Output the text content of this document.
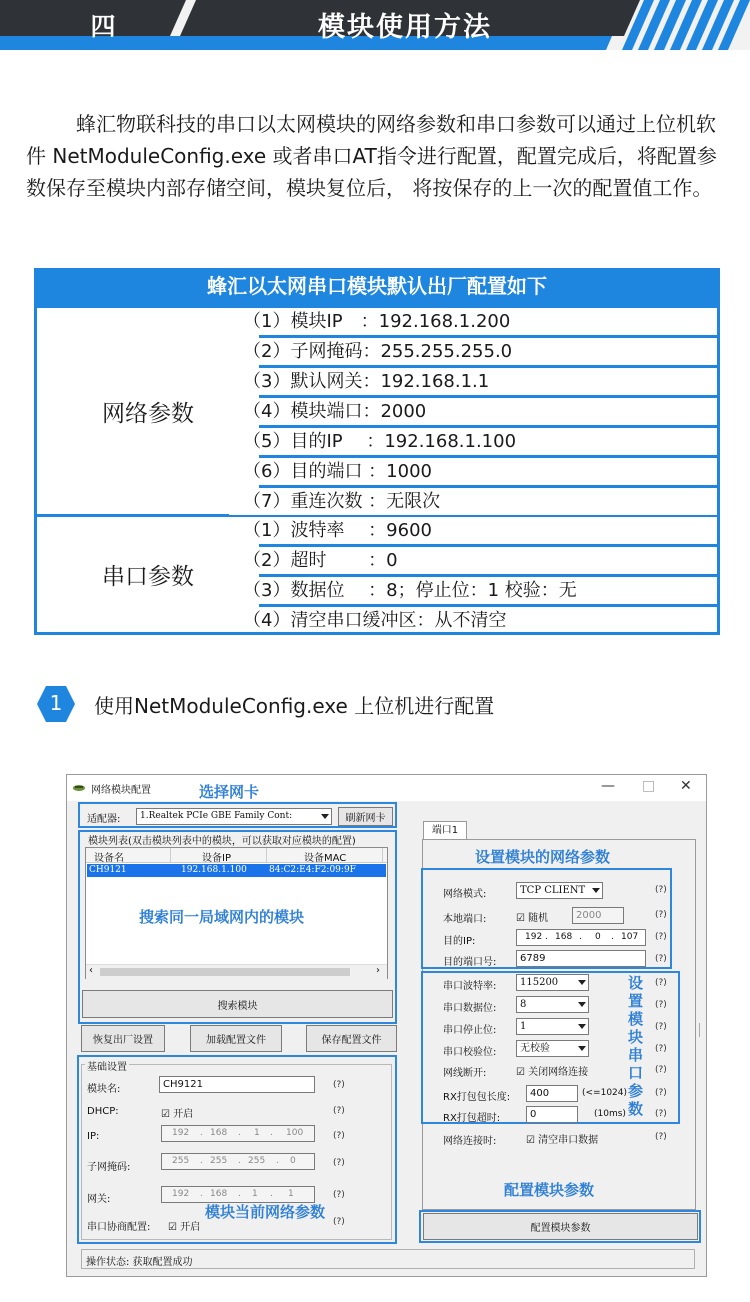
四	模块使用方法
蜂汇物联科技的串口以太网模块的网络参数和串口参数可以通过上位机软件 NetModuleConfig.exe 或者串口AT指令进行配置，配置完成后，将配置参数保存至模块内部存储空间，模块复位后， 将按保存的上一次的配置值工作。
蜂汇以太网串口模块默认出厂配置如下
网络参数
（1）模块IP　：192.168.1.200
（2）子网掩码：255.255.255.0
（3）默认网关：192.168.1.1
（4）模块端口：2000
（5）目的IP　 ：192.168.1.100
（6）目的端口 ：1000
（7）重连次数 ：无限次
串口参数
（1）波特率　 ：9600
（2）超时　　 ：0
（3）数据位　 ：8；停止位：1 校验：无
（4）清空串口缓冲区：从不清空
1	使用NetModuleConfig.exe 上位机进行配置
网络模块配置	— □ ✕
适配器:	1.Realtek PCIe GBE Family Cont:	刷新网卡
模块列表(双击模块列表中的模块，可以获取对应模块的配置)
设备名	设备IP	设备MAC
CH9121	192.168.1.100 84:C2:E4:F2:09:9F
‹	›
搜索模块
恢复出厂设置	加载配置文件	保存配置文件
基础设置
模块名:	CH9121	(?)
DHCP:	☑ 开启	(?)
IP:	192 . 168 . 1 . 100	(?)
子网掩码:
255 . 255 . 255 . 0	(?)
网关:	192 . 168 . 1 . 1	(?)
串口协商配置: ☑ 开启	(?)
操作状态: 获取配置成功
端口1
网络模式:	TCP CLIENT	(?)
本地端口:	☑ 随机	2000	(?)
目的IP:	192 . 168 . 0 . 107 (?)
目的端口号:	6789	(?)
串口波特率:	115200	(?)
串口数据位:	8	(?)
串口停止位:	1	(?)
串口校验位:	无校验	(?)
网线断开:	☑ 关闭网络连接	(?)
RX打包包长度:	400	(<=1024)	(?)
RX打包超时:	0	(10ms)	(?)
网络连接时:	☑ 清空串口数据	(?)
配置模块参数
选择网卡
搜索同一局域网内的模块
设置模块的网络参数
设置模块串口参数
配置模块参数
模块当前网络参数
